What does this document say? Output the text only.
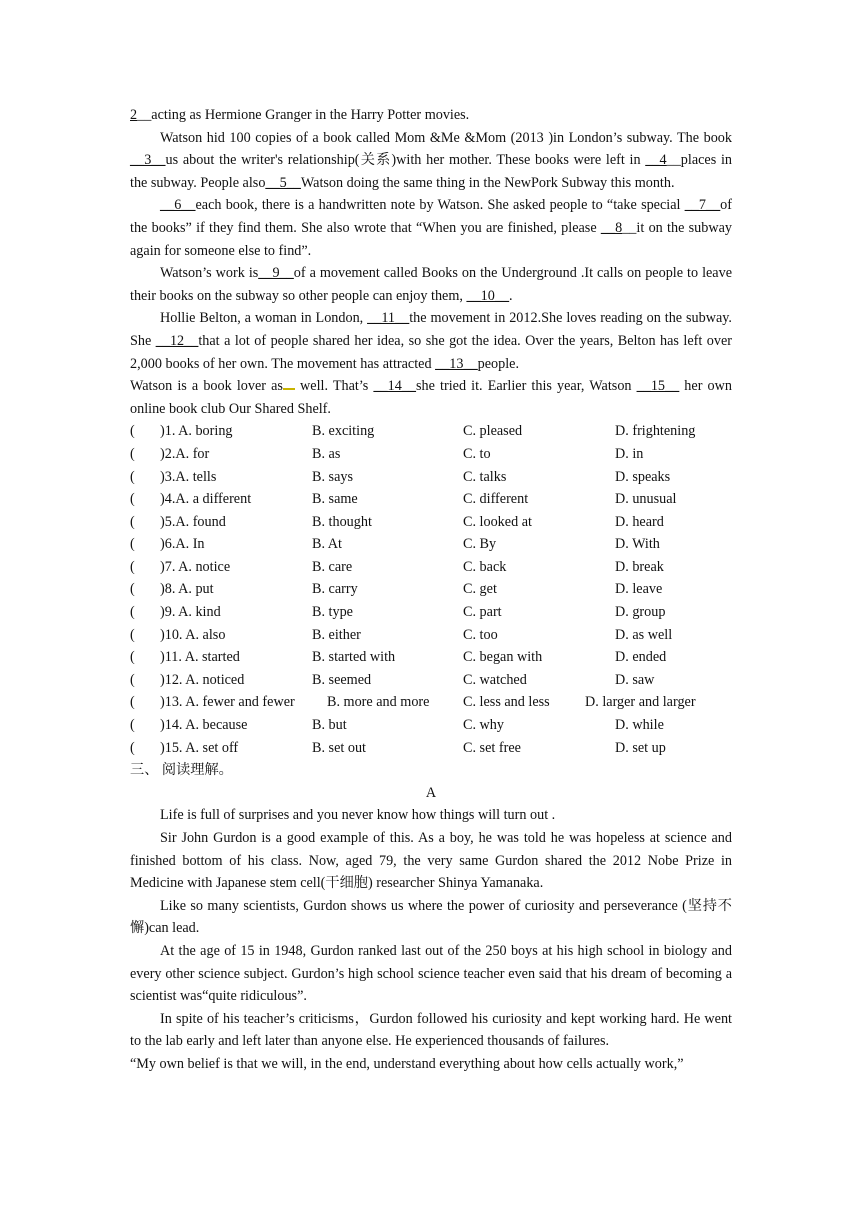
2__acting as Hermione Granger in the Harry Potter movies.

Watson hid 100 copies of a book called Mom &Me &Mom (2013 )in London’s subway. The book __3__us about the writer's relationship(关系)with her mother. These books were left in __4__places in the subway. People also__5__Watson doing the same thing in the NewPork Subway this month.

__6__each book, there is a handwritten note by Watson. She asked people to “take special __7__of the books” if they find them. She also wrote that “When you are finished, please __8__it on the subway again for someone else to find”.

Watson’s work is__9__of a movement called Books on the Underground .It calls on people to leave their books on the subway so other people can enjoy them, __10__.

Hollie Belton, a woman in London, __11__the movement in 2012.She loves reading on the subway. She __12__that a lot of people shared her idea, so she got the idea. Over the years, Belton has left over 2,000 books of her own. The movement has attracted __13__people.

Watson is a book lover as well. That’s __14__she tried it. Earlier this year, Watson __15__ her own online book club Our Shared Shelf.

( )1. A. boring	B. exciting	C. pleased	D. frightening
( )2.A. for	B. as	C. to	D. in
( )3.A. tells	B. says	C. talks	D. speaks
( )4.A. a different	B. same	C. different	D. unusual
( )5.A. found	B. thought	C. looked at	D. heard
( )6.A. In	B. At	C. By	D. With
( )7. A. notice	B. care	C. back	D. break
( )8. A. put	B. carry	C. get	D. leave
( )9. A. kind	B. type	C. part	D. group
( )10. A. also	B. either	C. too	D. as well
( )11. A. started	B. started with	C. began with	D. ended
( )12. A. noticed	B. seemed	C. watched	D. saw
( )13. A. fewer and fewer B. more and more C. less and less D. larger and larger
( )14. A. because	B. but	C. why	D. while
( )15. A. set off	B. set out	C. set free	D. set up

三、 阅读理解。

A

Life is full of surprises and you never know how things will turn out .

Sir John Gurdon is a good example of this. As a boy, he was told he was hopeless at science and finished bottom of his class. Now, aged 79, the very same Gurdon shared the 2012 Nobe Prize in Medicine with Japanese stem cell(干细胞) researcher Shinya Yamanaka.

Like so many scientists, Gurdon shows us where the power of curiosity and perseverance (坚持不懈)can lead.

At the age of 15 in 1948, Gurdon ranked last out of the 250 boys at his high school in biology and every other science subject. Gurdon’s high school science teacher even said that his dream of becoming a scientist was“quite ridiculous”.

In spite of his teacher’s criticisms，Gurdon followed his curiosity and kept working hard. He went to the lab early and left later than anyone else. He experienced thousands of failures.

“My own belief is that we will, in the end, understand everything about how cells actually work,”
